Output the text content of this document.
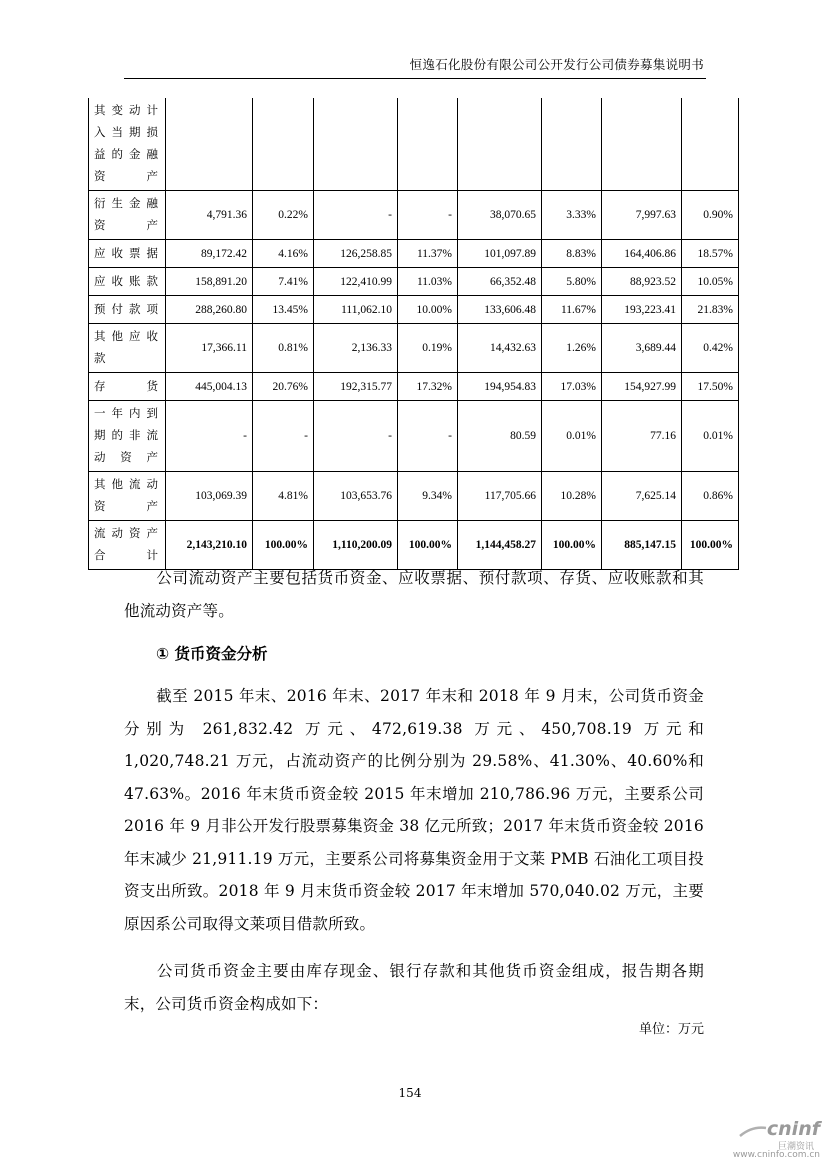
恒逸石化股份有限公司公开发行公司债券募集说明书
其变动计入当期损益的金融资产								
衍生金融资产	4,791.36	0.22%	-	-	38,070.65	3.33%	7,997.63	0.90%
应收票据	89,172.42	4.16%	126,258.85	11.37%	101,097.89	8.83%	164,406.86	18.57%
应收账款	158,891.20	7.41%	122,410.99	11.03%	66,352.48	5.80%	88,923.52	10.05%
预付款项	288,260.80	13.45%	111,062.10	10.00%	133,606.48	11.67%	193,223.41	21.83%
其他应收款	17,366.11	0.81%	2,136.33	0.19%	14,432.63	1.26%	3,689.44	0.42%
存货	445,004.13	20.76%	192,315.77	17.32%	194,954.83	17.03%	154,927.99	17.50%
一年内到期的非流动资产	-	-	-	-	80.59	0.01%	77.16	0.01%
其他流动资产	103,069.39	4.81%	103,653.76	9.34%	117,705.66	10.28%	7,625.14	0.86%
流动资产合计	2,143,210.10	100.00%	1,110,200.09	100.00%	1,144,458.27	100.00%	885,147.15	100.00%
公司流动资产主要包括货币资金、应收票据、预付款项、存货、应收账款和其他流动资产等。
① 货币资金分析
截至 2015 年末、2016 年末、2017 年末和 2018 年 9 月末，公司货币资金分别为 261,832.42 万元、472,619.38 万元、450,708.19 万元和 1,020,748.21 万元，占流动资产的比例分别为 29.58%、41.30%、40.60%和 47.63%。2016 年末货币资金较 2015 年末增加 210,786.96 万元，主要系公司 2016 年 9 月非公开发行股票募集资金 38 亿元所致；2017 年末货币资金较 2016 年末减少 21,911.19 万元，主要系公司将募集资金用于文莱 PMB 石油化工项目投资支出所致。2018 年 9 月末货币资金较 2017 年末增加 570,040.02 万元，主要原因系公司取得文莱项目借款所致。
公司货币资金主要由库存现金、银行存款和其他货币资金组成，报告期各期末，公司货币资金构成如下：
单位：万元
154
cninf
巨潮资讯
www.cninfo.com.cn
